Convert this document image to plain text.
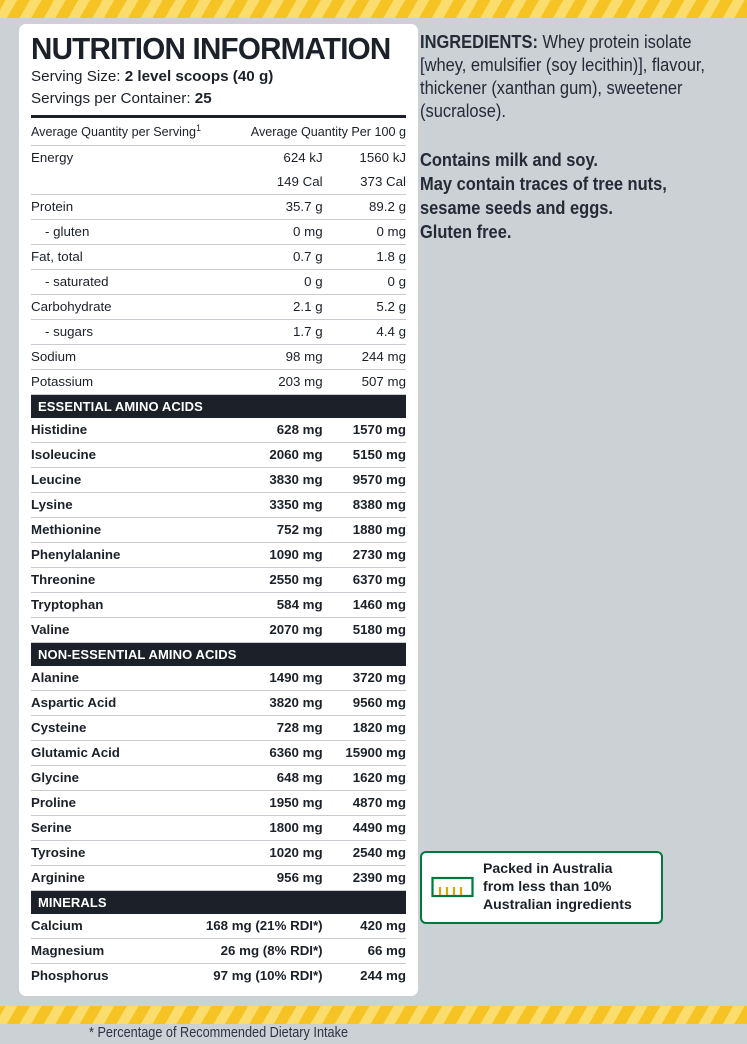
NUTRITION INFORMATION
Serving Size: 2 level scoops (40 g)
Servings per Container: 25
Average Quantity per Serving$^1$	Average Quantity Per 100 g	
Energy	624 kJ	1560 kJ
	149 Cal	373 Cal
Protein	35.7 g	89.2 g
- gluten	0 mg	0 mg
Fat, total	0.7 g	1.8 g
- saturated	0 g	0 g
Carbohydrate	2.1 g	5.2 g
- sugars	1.7 g	4.4 g
Sodium	98 mg	244 mg
Potassium	203 mg	507 mg
ESSENTIAL AMINO ACIDS		
Histidine	628 mg	1570 mg
Isoleucine	2060 mg	5150 mg
Leucine	3830 mg	9570 mg
Lysine	3350 mg	8380 mg
Methionine	752 mg	1880 mg
Phenylalanine	1090 mg	2730 mg
Threonine	2550 mg	6370 mg
Tryptophan	584 mg	1460 mg
Valine	2070 mg	5180 mg
NON-ESSENTIAL AMINO ACIDS		
Alanine	1490 mg	3720 mg
Aspartic Acid	3820 mg	9560 mg
Cysteine	728 mg	1820 mg
Glutamic Acid	6360 mg	15900 mg
Glycine	648 mg	1620 mg
Proline	1950 mg	4870 mg
Serine	1800 mg	4490 mg
Tyrosine	1020 mg	2540 mg
Arginine	956 mg	2390 mg
MINERALS		
Calcium	168 mg (21% RDI*)	420 mg
Magnesium	26 mg (8% RDI*)	66 mg
Phosphorus	97 mg (10% RDI*)	244 mg
* Percentage of Recommended Dietary Intake
INGREDIENTS: Whey protein isolate [whey, emulsifier (soy lecithin)], flavour, thickener (xanthan gum), sweetener (sucralose).
Contains milk and soy.
May contain traces of tree nuts,
sesame seeds and eggs.
Gluten free.
Packed in Australia
from less than 10%
Australian ingredients
